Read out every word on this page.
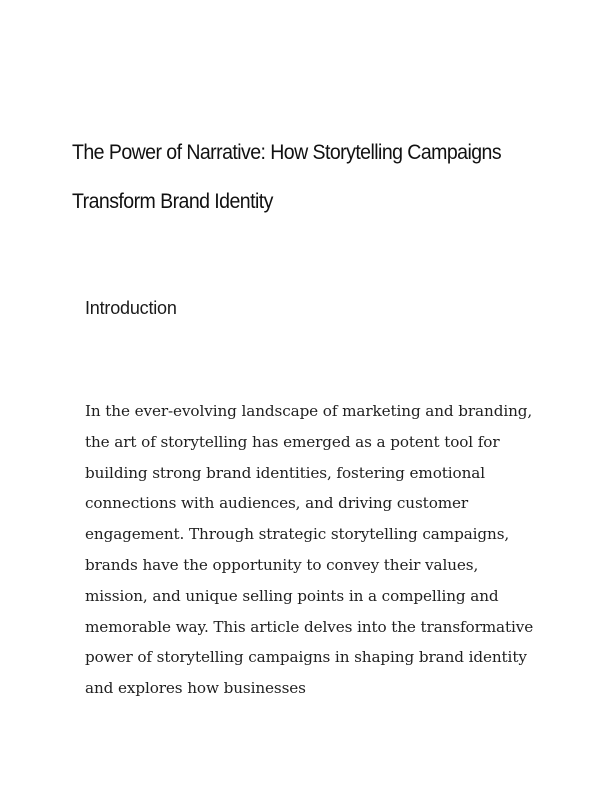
The Power of Narrative: How Storytelling Campaigns Transform Brand Identity
Introduction

In the ever-evolving landscape of marketing and branding, the art of storytelling has emerged as a potent tool for building strong brand identities, fostering emotional connections with audiences, and driving customer engagement. Through strategic storytelling campaigns, brands have the opportunity to convey their values, mission, and unique selling points in a compelling and memorable way. This article delves into the transformative power of storytelling campaigns in shaping brand identity and explores how businesses
